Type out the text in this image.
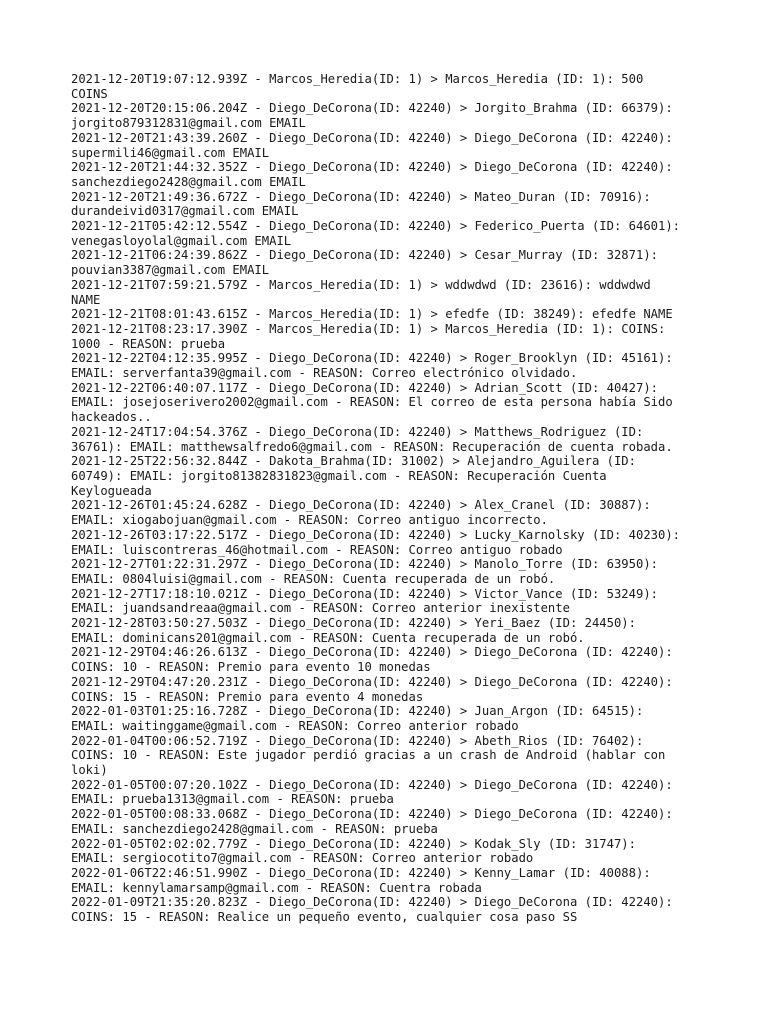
2021-12-20T19:07:12.939Z - Marcos_Heredia(ID: 1) > Marcos_Heredia (ID: 1): 500
COINS
2021-12-20T20:15:06.204Z - Diego_DeCorona(ID: 42240) > Jorgito_Brahma (ID: 66379):
jorgito879312831@gmail.com EMAIL
2021-12-20T21:43:39.260Z - Diego_DeCorona(ID: 42240) > Diego_DeCorona (ID: 42240):
supermili46@gmail.com EMAIL
2021-12-20T21:44:32.352Z - Diego_DeCorona(ID: 42240) > Diego_DeCorona (ID: 42240):
sanchezdiego2428@gmail.com EMAIL
2021-12-20T21:49:36.672Z - Diego_DeCorona(ID: 42240) > Mateo_Duran (ID: 70916):
durandeivid0317@gmail.com EMAIL
2021-12-21T05:42:12.554Z - Diego_DeCorona(ID: 42240) > Federico_Puerta (ID: 64601):
venegasloyolal@gmail.com EMAIL
2021-12-21T06:24:39.862Z - Diego_DeCorona(ID: 42240) > Cesar_Murray (ID: 32871):
pouvian3387@gmail.com EMAIL
2021-12-21T07:59:21.579Z - Marcos_Heredia(ID: 1) > wddwdwd (ID: 23616): wddwdwd
NAME
2021-12-21T08:01:43.615Z - Marcos_Heredia(ID: 1) > efedfe (ID: 38249): efedfe NAME
2021-12-21T08:23:17.390Z - Marcos_Heredia(ID: 1) > Marcos_Heredia (ID: 1): COINS:
1000 - REASON: prueba
2021-12-22T04:12:35.995Z - Diego_DeCorona(ID: 42240) > Roger_Brooklyn (ID: 45161):
EMAIL: serverfanta39@gmail.com - REASON: Correo electrónico olvidado.
2021-12-22T06:40:07.117Z - Diego_DeCorona(ID: 42240) > Adrian_Scott (ID: 40427):
EMAIL: josejoserivero2002@gmail.com - REASON: El correo de esta persona había Sido
hackeados..
2021-12-24T17:04:54.376Z - Diego_DeCorona(ID: 42240) > Matthews_Rodriguez (ID:
36761): EMAIL: matthewsalfredo6@gmail.com - REASON: Recuperación de cuenta robada.
2021-12-25T22:56:32.844Z - Dakota_Brahma(ID: 31002) > Alejandro_Aguilera (ID:
60749): EMAIL: jorgito81382831823@gmail.com - REASON: Recuperación Cuenta
Keylogueada
2021-12-26T01:45:24.628Z - Diego_DeCorona(ID: 42240) > Alex_Cranel (ID: 30887):
EMAIL: xiogabojuan@gmail.com - REASON: Correo antiguo incorrecto.
2021-12-26T03:17:22.517Z - Diego_DeCorona(ID: 42240) > Lucky_Karnolsky (ID: 40230):
EMAIL: luiscontreras_46@hotmail.com - REASON: Correo antiguo robado
2021-12-27T01:22:31.297Z - Diego_DeCorona(ID: 42240) > Manolo_Torre (ID: 63950):
EMAIL: 0804luisi@gmail.com - REASON: Cuenta recuperada de un robó.
2021-12-27T17:18:10.021Z - Diego_DeCorona(ID: 42240) > Victor_Vance (ID: 53249):
EMAIL: juandsandreaa@gmail.com - REASON: Correo anterior inexistente
2021-12-28T03:50:27.503Z - Diego_DeCorona(ID: 42240) > Yeri_Baez (ID: 24450):
EMAIL: dominicans201@gmail.com - REASON: Cuenta recuperada de un robó.
2021-12-29T04:46:26.613Z - Diego_DeCorona(ID: 42240) > Diego_DeCorona (ID: 42240):
COINS: 10 - REASON: Premio para evento 10 monedas
2021-12-29T04:47:20.231Z - Diego_DeCorona(ID: 42240) > Diego_DeCorona (ID: 42240):
COINS: 15 - REASON: Premio para evento 4 monedas
2022-01-03T01:25:16.728Z - Diego_DeCorona(ID: 42240) > Juan_Argon (ID: 64515):
EMAIL: waitinggame@gmail.com - REASON: Correo anterior robado
2022-01-04T00:06:52.719Z - Diego_DeCorona(ID: 42240) > Abeth_Rios (ID: 76402):
COINS: 10 - REASON: Este jugador perdió gracias a un crash de Android (hablar con
loki)
2022-01-05T00:07:20.102Z - Diego_DeCorona(ID: 42240) > Diego_DeCorona (ID: 42240):
EMAIL: prueba1313@gmail.com - REASON: prueba
2022-01-05T00:08:33.068Z - Diego_DeCorona(ID: 42240) > Diego_DeCorona (ID: 42240):
EMAIL: sanchezdiego2428@gmail.com - REASON: prueba
2022-01-05T02:02:02.779Z - Diego_DeCorona(ID: 42240) > Kodak_Sly (ID: 31747):
EMAIL: sergiocotito7@gmail.com - REASON: Correo anterior robado
2022-01-06T22:46:51.990Z - Diego_DeCorona(ID: 42240) > Kenny_Lamar (ID: 40088):
EMAIL: kennylamarsamp@gmail.com - REASON: Cuentra robada
2022-01-09T21:35:20.823Z - Diego_DeCorona(ID: 42240) > Diego_DeCorona (ID: 42240):
COINS: 15 - REASON: Realice un pequeño evento, cualquier cosa paso SS
